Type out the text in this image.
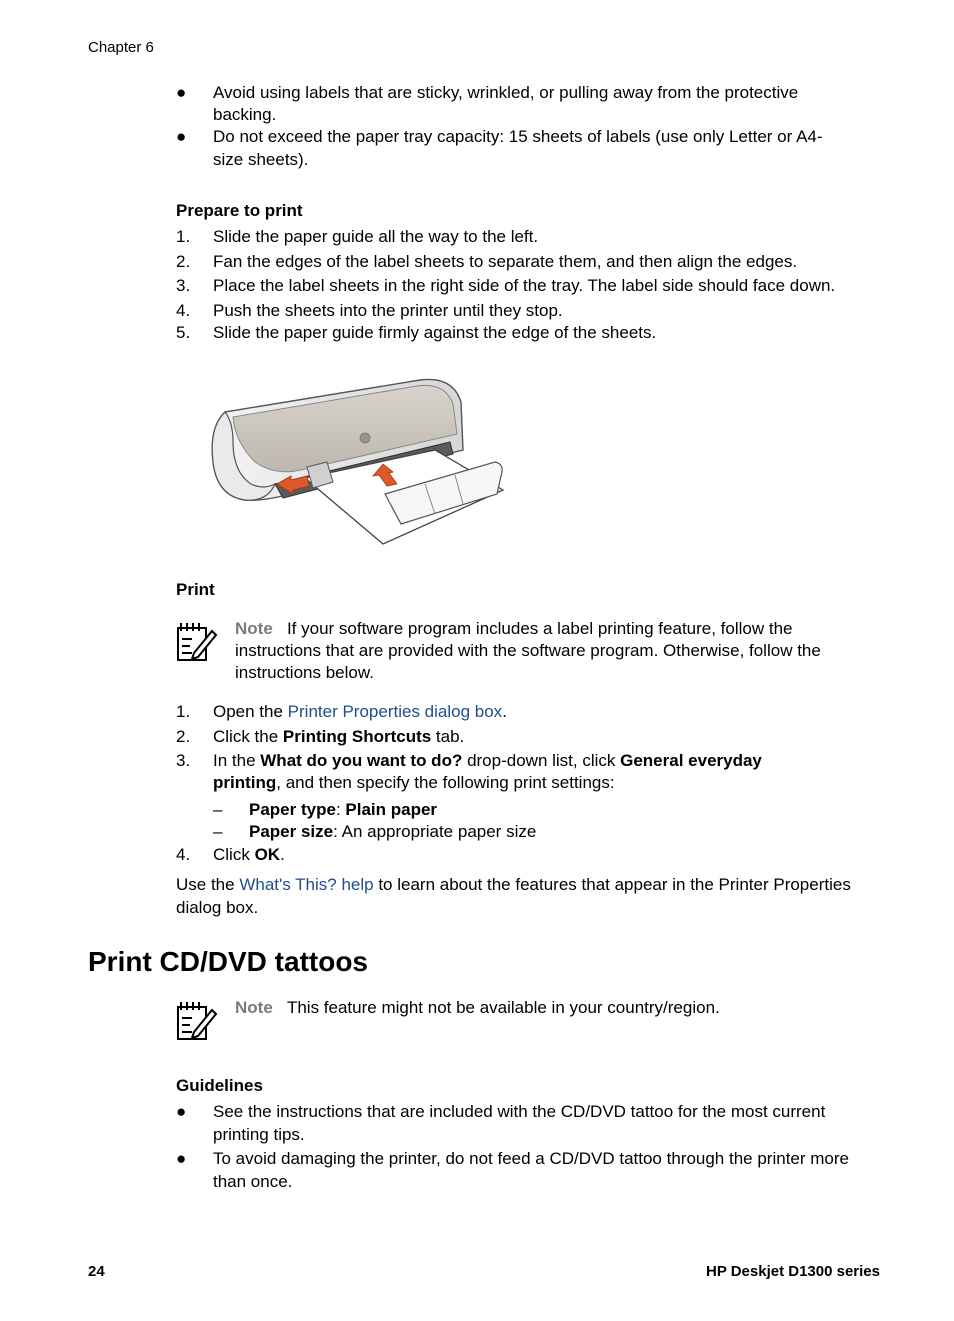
Chapter 6
●	Avoid using labels that are sticky, wrinkled, or pulling away from the protective
backing.
●	Do not exceed the paper tray capacity: 15 sheets of labels (use only Letter or A4-
size sheets).
Prepare to print
1.	Slide the paper guide all the way to the left.
2.	Fan the edges of the label sheets to separate them, and then align the edges.
3.	Place the label sheets in the right side of the tray. The label side should face down.
4.	Push the sheets into the printer until they stop.
5.	Slide the paper guide firmly against the edge of the sheets.
Print
Note If your software program includes a label printing feature, follow the
instructions that are provided with the software program. Otherwise, follow the
instructions below.
1.	Open the Printer Properties dialog box.
2.	Click the Printing Shortcuts tab.
3.	In the What do you want to do? drop-down list, click General everyday
printing, and then specify the following print settings:
– Paper type: Plain paper
– Paper size: An appropriate paper size
4.	Click OK.
Use the What's This? help to learn about the features that appear in the Printer Properties
dialog box.
Print CD/DVD tattoos
Note This feature might not be available in your country/region.
Guidelines
●	See the instructions that are included with the CD/DVD tattoo for the most current
printing tips.
●	To avoid damaging the printer, do not feed a CD/DVD tattoo through the printer more
than once.
24	HP Deskjet D1300 series
